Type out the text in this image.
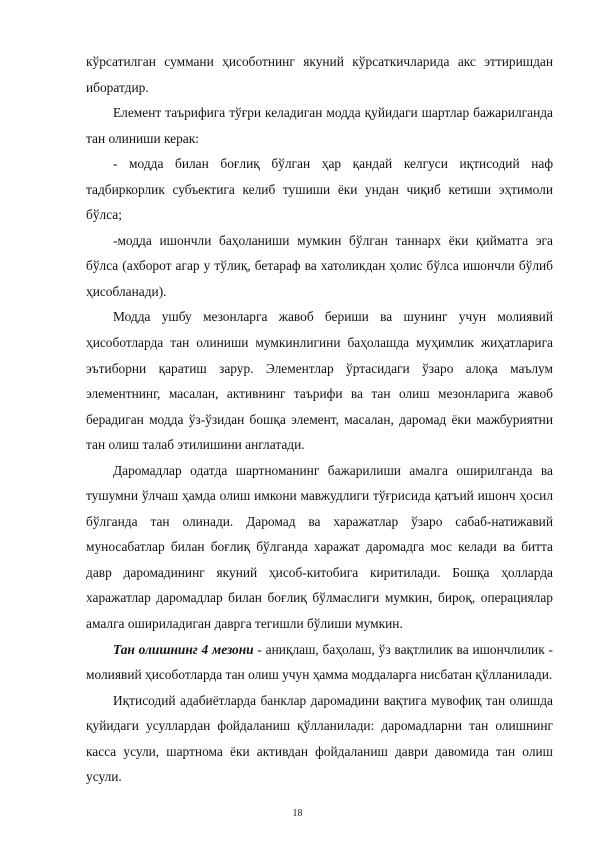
кўрсатилган суммани ҳисоботнинг якуний кўрсаткичларида акс эттиришдан иборатдир.

Елемент таърифига тўғри келадиган модда қуйидаги шартлар бажарилганда тан олиниши керак:

- модда билан боғлиқ бўлган ҳар қандай келгуси иқтисодий наф тадбиркорлик субъектига келиб тушиши ёки ундан чиқиб кетиши эҳтимоли бўлса;

-модда ишончли баҳоланиши мумкин бўлган таннарх ёки қийматга эга бўлса (ахборот агар у тўлиқ, бетараф ва хатоликдан ҳолис бўлса ишончли бўлиб ҳисобланади).

Модда ушбу мезонларга жавоб бериши ва шунинг учун молиявий ҳисоботларда тан олиниши мумкинлигини баҳолашда муҳимлик жиҳатларига эътиборни қаратиш зарур. Элементлар ўртасидаги ўзаро алоқа маълум элементнинг, масалан, активнинг таърифи ва тан олиш мезонларига жавоб берадиган модда ўз-ўзидан бошқа элемент, масалан, даромад ёки мажбуриятни тан олиш талаб этилишини англатади.

Даромадлар одатда шартноманинг бажарилиши амалга оширилганда ва тушумни ўлчаш ҳамда олиш имкони мавжудлиги тўғрисида қатъий ишонч ҳосил бўлганда тан олинади. Даромад ва харажатлар ўзаро сабаб-натижавий муносабатлар билан боғлиқ бўлганда харажат даромадга мос келади ва битта давр даромадининг якуний ҳисоб-китобига киритилади. Бошқа ҳолларда харажатлар даромадлар билан боғлиқ бўлмаслиги мумкин, бироқ, операциялар амалга ошириладиган даврга тегишли бўлиши мумкин.

Тан олишнинг 4 мезони - аниқлаш, баҳолаш, ўз вақтлилик ва ишончлилик - молиявий ҳисоботларда тан олиш учун ҳамма моддаларга нисбатан қўлланилади.

Иқтисодий адабиётларда банклар даромадини вақтига мувофиқ тан олишда қуйидаги усуллардан фойдаланиш қўлланилади: даромадларни тан олишнинг касса усули, шартнома ёки активдан фойдаланиш даври давомида тан олиш усули.

18
